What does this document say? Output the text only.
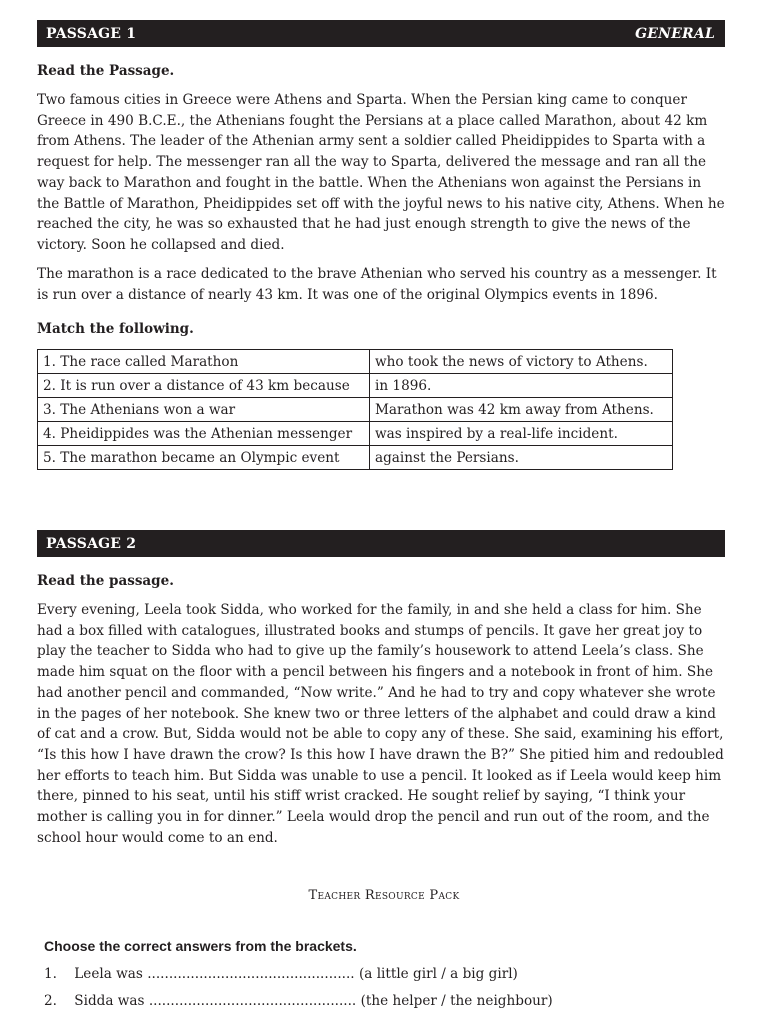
PASSAGE 1	GENERAL
Read the Passage.

Two famous cities in Greece were Athens and Sparta. When the Persian king came to conquer Greece in 490 B.C.E., the Athenians fought the Persians at a place called Marathon, about 42 km from Athens. The leader of the Athenian army sent a soldier called Pheidippides to Sparta with a request for help. The messenger ran all the way to Sparta, delivered the message and ran all the way back to Marathon and fought in the battle. When the Athenians won against the Persians in the Battle of Marathon, Pheidippides set off with the joyful news to his native city, Athens. When he reached the city, he was so exhausted that he had just enough strength to give the news of the victory. Soon he collapsed and died.

The marathon is a race dedicated to the brave Athenian who served his country as a messenger. It is run over a distance of nearly 43 km. It was one of the original Olympics events in 1896.

Match the following.
1. The race called Marathon	who took the news of victory to Athens.
2. It is run over a distance of 43 km because	in 1896.
3. The Athenians won a war	Marathon was 42 km away from Athens.
4. Pheidippides was the Athenian messenger	was inspired by a real-life incident.
5. The marathon became an Olympic event	against the Persians.
PASSAGE 2
Read the passage.

Every evening, Leela took Sidda, who worked for the family, in and she held a class for him. She had a box filled with catalogues, illustrated books and stumps of pencils. It gave her great joy to play the teacher to Sidda who had to give up the family’s housework to attend Leela’s class. She made him squat on the floor with a pencil between his fingers and a notebook in front of him. She had another pencil and commanded, “Now write.” And he had to try and copy whatever she wrote in the pages of her notebook. She knew two or three letters of the alphabet and could draw a kind of cat and a crow. But, Sidda would not be able to copy any of these. She said, examining his effort, “Is this how I have drawn the crow? Is this how I have drawn the B?” She pitied him and redoubled her efforts to teach him. But Sidda was unable to use a pencil. It looked as if Leela would keep him there, pinned to his seat, until his stiff wrist cracked. He sought relief by saying, “I think your mother is calling you in for dinner.” Leela would drop the pencil and run out of the room, and the school hour would come to an end.

Teacher Resource Pack
Choose the correct answers from the brackets.
1. Leela was ................................................ (a little girl / a big girl)
2. Sidda was ................................................ (the helper / the neighbour)
